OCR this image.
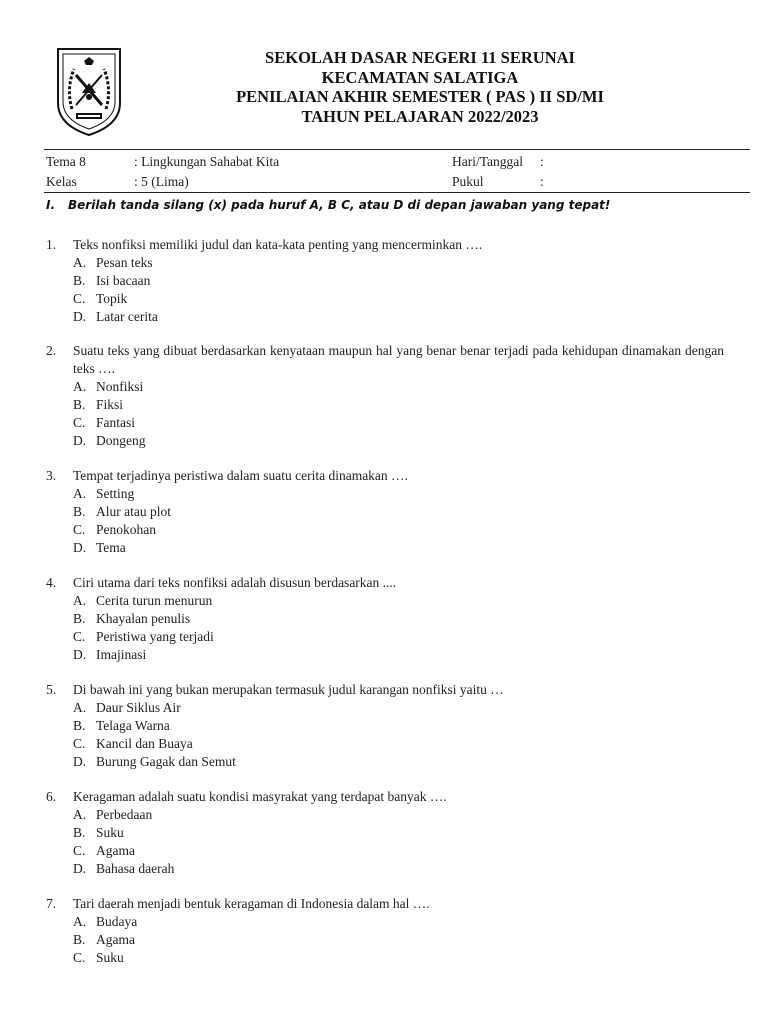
SEKOLAH DASAR NEGERI 11 SERUNAI
KECAMATAN SALATIGA
PENILAIAN AKHIR SEMESTER ( PAS ) II SD/MI
TAHUN PELAJARAN 2022/2023
Tema 8	: Lingkungan Sahabat Kita	Hari/Tanggal :
Kelas	: 5 (Lima)	Pukul	:
I. Berilah tanda silang (x) pada huruf A, B C, atau D di depan jawaban yang tepat!
1. Teks nonfiksi memiliki judul dan kata-kata penting yang mencerminkan ….
A. Pesan teks
B. Isi bacaan
C. Topik
D. Latar cerita
2. Suatu teks yang dibuat berdasarkan kenyataan maupun hal yang benar benar terjadi pada kehidupan dinamakan dengan teks ….
A. Nonfiksi
B. Fiksi
C. Fantasi
D. Dongeng
3. Tempat terjadinya peristiwa dalam suatu cerita dinamakan ….
A. Setting
B. Alur atau plot
C. Penokohan
D. Tema
4. Ciri utama dari teks nonfiksi adalah disusun berdasarkan ....
A. Cerita turun menurun
B. Khayalan penulis
C. Peristiwa yang terjadi
D. Imajinasi
5. Di bawah ini yang bukan merupakan termasuk judul karangan nonfiksi yaitu …
A. Daur Siklus Air
B. Telaga Warna
C. Kancil dan Buaya
D. Burung Gagak dan Semut
6. Keragaman adalah suatu kondisi masyrakat yang terdapat banyak ….
A. Perbedaan
B. Suku
C. Agama
D. Bahasa daerah
7. Tari daerah menjadi bentuk keragaman di Indonesia dalam hal ….
A. Budaya
B. Agama
C. Suku
